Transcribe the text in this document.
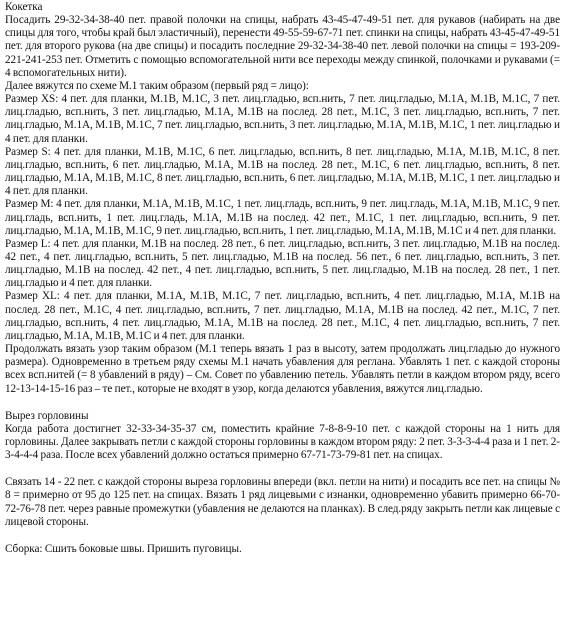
Кокетка

Посадить 29-32-34-38-40 пет. правой полочки на спицы, набрать 43-45-47-49-51 пет. для рукавов (набирать на две спицы для того, чтобы край был эластичный), перенести 49-55-59-67-71 пет. спинки на спицы, набрать 43-45-47-49-51 пет. для второго рукова (на две спицы) и посадить последние 29-32-34-38-40 пет. левой полочки на спицы = 193-209-221-241-253 пет. Отметить с помощью вспомогательной нити все переходы между спинкой, полочками и рукавами (= 4 вспомогательных нити).

Далее вяжутся по схеме М.1 таким образом (первый ряд = лицо):

Размер XS: 4 пет. для планки, М.1В, М.1С, 3 пет. лиц.гладью, всп.нить, 7 пет. лиц.гладью, М.1А, М.1В, М.1С, 7 пет. лиц.гладью, всп.нить, 3 пет. лиц.гладью, М.1А, М.1В на послед. 28 пет., М.1С, 3 пет. лиц.гладью, всп.нить, 7 пет. лиц.гладью, М.1А, М.1В, М.1С, 7 пет. лиц.гладью, всп.нить, 3 пет. лиц.гладью, М.1А, М.1В, М.1С, 1 пет. лиц.гладью и 4 пет. для планки.

Размер S: 4 пет. для планки, М.1В, М.1С, 6 пет. лиц.гладью, всп.нить, 8 пет. лиц.гладью, М.1А, М.1В, М.1С, 8 пет. лиц.гладью, всп.нить, 6 пет. лиц.гладью, М.1А, М.1В на послед. 28 пет., М.1С, 6 пет. лиц.гладью, всп.нить, 8 пет. лиц.гладью, М.1А, М.1В, М.1С, 8 пет. лиц.гладью, всп.нить, 6 пет. лиц.гладью, М.1А, М.1В, М.1С, 1 пет. лиц.гладью и 4 пет. для планки.

Размер М: 4 пет. для планки, М.1А, М.1В, М.1С, 1 пет. лиц.гладь, всп.нить, 9 пет. лиц.гладь, М.1А, М.1В, М.1С, 9 пет. лиц.гладь, всп.нить, 1 пет. лиц.гладь, М.1А, М.1В на послед. 42 пет., М.1С, 1 пет. лиц.гладью, всп.нить, 9 пет. лиц.гладью, М.1А, М.1В, М.1С, 9 пет. лиц.гладью, всп.нить, 1 пет. лиц.гладью, М.1А, М.1В, М.1С и 4 пет. для планки.

Размер L: 4 пет. для планки, М.1В на послед. 28 пет., 6 пет. лиц.гладью, всп.нить, 3 пет. лиц.гладью, М.1В на послед. 42 пет., 4 пет. лиц.гладью, всп.нить, 5 пет. лиц.гладью, М.1В на послед. 56 пет., 6 пет. лиц.гладью, всп.нить, 3 пет. лиц.гладью, М.1В на послед. 42 пет., 4 пет. лиц.гладью, всп.нить, 5 пет. лиц.гладью, М.1В на послед. 28 пет., 1 пет. лиц.гладью и 4 пет. для планки.

Размер XL: 4 пет. для планки, М.1А, М.1В, М.1С, 7 пет. лиц.гладью, всп.нить, 4 пет. лиц.гладью, М.1А, М.1В на послед. 28 пет., М.1С, 4 пет. лиц.гладью, всп.нить, 7 пет. лиц.гладью, М.1А, М.1В на послед. 42 пет., М.1С, 7 пет. лиц.гладью, всп.нить, 4 пет. лиц.гладью, М.1А, М.1В на послед. 28 пет., М.1С, 4 пет. лиц.гладью, всп.нить, 7 пет. лиц.гладью, М.1А, М.1В, М.1С и 4 пет. для планки.

Продолжать вязать узор таким образом (М.1 теперь вязать 1 раз в высоту, затем продолжать лиц.гладью до нужного размера). Одновременно в третьем ряду схемы М.1 начать убавления для реглана. Убавлять 1 пет. с каждой стороны всех всп.нитей (= 8 убавлений в ряду) – См. Совет по убавлению петель. Убавлять петли в каждом втором ряду, всего 12-13-14-15-16 раз – те пет., которые не входят в узор, когда делаются убавления, вяжутся лиц.гладью.

Вырез горловины

Когда работа достигнет 32-33-34-35-37 см, поместить крайние 7-8-8-9-10 пет. с каждой стороны на 1 нить для горловины. Далее закрывать петли с каждой стороны горловины в каждом втором ряду: 2 пет. 3-3-3-4-4 раза и 1 пет. 2-3-4-4-4 раза. После всех убавлений должно остаться примерно 67-71-73-79-81 пет. на спицах.

Связать 14 - 22 пет. с каждой стороны выреза горловины впереди (вкл. петли на нити) и посадить все пет. на спицы № 8 = примерно от 95 до 125 пет. на спицах. Вязать 1 ряд лицевыми с изнанки, одновременно убавить примерно 66-70-72-76-78 пет. через равные промежутки (убавления не делаются на планках). В след.ряду закрыть петли как лицевые с лицевой стороны.

Сборка: Сшить боковые швы. Пришить пуговицы.
